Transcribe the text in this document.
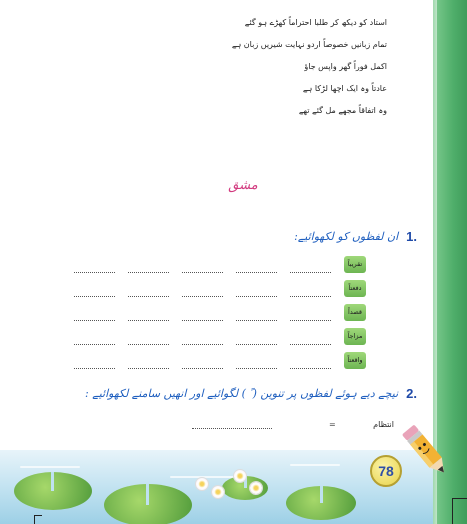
استاد کو دیکھ کر طلبا احتراماً کھڑے ہو گئے
تمام زبانیں خصوصاً اردو نہایت شیریں زبان ہے
اکمل فوراً گھر واپس جاؤ
عادتاً وہ ایک اچھا لڑکا ہے
وہ اتفاقاً مجھے مل گئے تھے
مشق
1.
ان لفظوں کو لکھوائیے:
تقریباً
دفعتاً
قصداً
مزاجاً
واقعتاً
2.
نیچے دیے ہوئے لفظوں پر تنوین ( ً ) لگوائیے اور انھیں سامنے لکھوائیے :
=	انتظام
78
